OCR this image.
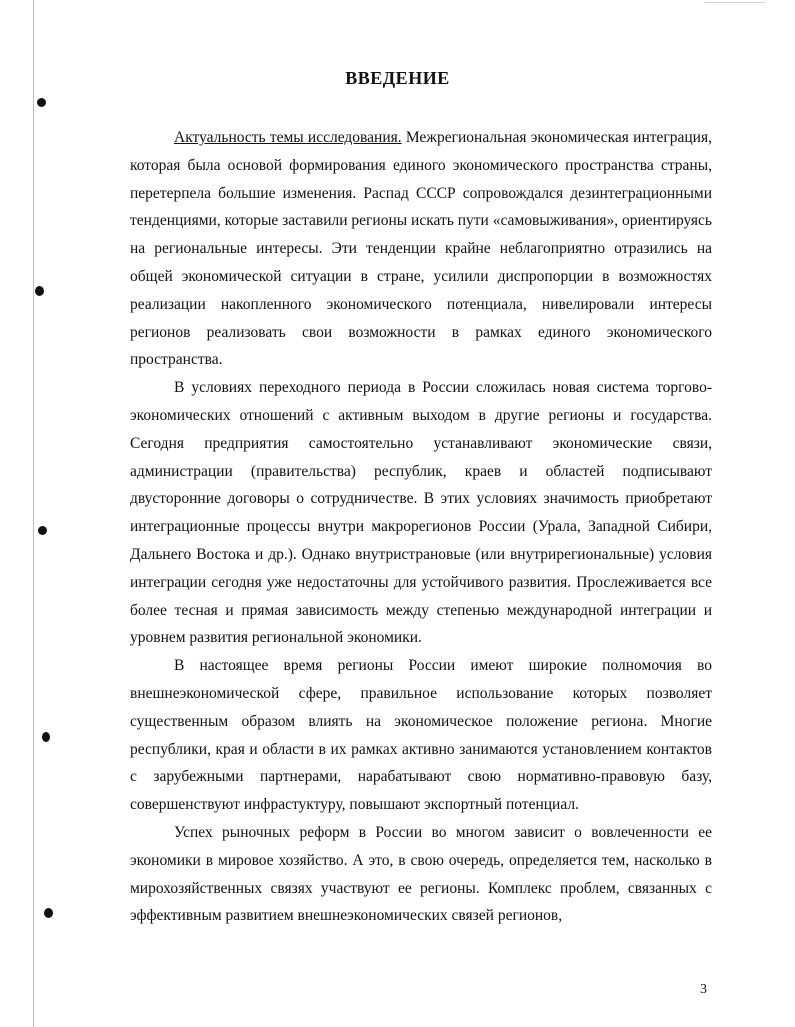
ВВЕДЕНИЕ

Актуальность темы исследования. Межрегиональная экономическая интеграция, которая была основой формирования единого экономического пространства страны, перетерпела большие изменения. Распад СССР сопровождался дезинтеграционными тенденциями, которые заставили регионы искать пути «самовыживания», ориентируясь на региональные интересы. Эти тенденции крайне неблагоприятно отразились на общей экономической ситуации в стране, усилили диспропорции в возможностях реализации накопленного экономического потенциала, нивелировали интересы регионов реализовать свои возможности в рамках единого экономического пространства.

В условиях переходного периода в России сложилась новая система торгово-экономических отношений с активным выходом в другие регионы и государства. Сегодня предприятия самостоятельно устанавливают экономические связи, администрации (правительства) республик, краев и областей подписывают двусторонние договоры о сотрудничестве. В этих условиях значимость приобретают интеграционные процессы внутри макрорегионов России (Урала, Западной Сибири, Дальнего Востока и др.). Однако внутристрановые (или внутрирегиональные) условия интеграции сегодня уже недостаточны для устойчивого развития. Прослеживается все более тесная и прямая зависимость между степенью международной интеграции и уровнем развития региональной экономики.

В настоящее время регионы России имеют широкие полномочия во внешнеэкономической сфере, правильное использование которых позволяет существенным образом влиять на экономическое положение региона. Многие республики, края и области в их рамках активно занимаются установлением контактов с зарубежными партнерами, нарабатывают свою нормативно-правовую базу, совершенствуют инфрастуктуру, повышают экспортный потенциал.

Успех рыночных реформ в России во многом зависит о вовлеченности ее экономики в мировое хозяйство. А это, в свою очередь, определяется тем, насколько в мирохозяйственных связях участвуют ее регионы. Комплекс проблем, связанных с эффективным развитием внешнеэкономических связей регионов,

3
